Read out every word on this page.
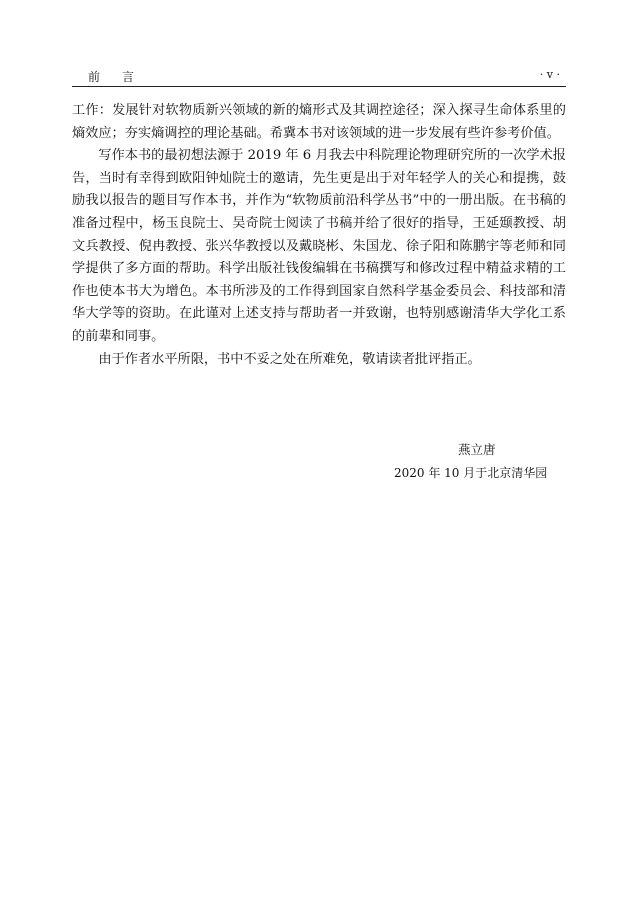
前言	· v ·

工作：发展针对软物质新兴领域的新的熵形式及其调控途径；深入探寻生命体系里的熵效应；夯实熵调控的理论基础。希冀本书对该领域的进一步发展有些许参考价值。

写作本书的最初想法源于 2019 年 6 月我去中科院理论物理研究所的一次学术报告，当时有幸得到欧阳钟灿院士的邀请，先生更是出于对年轻学人的关心和提携，鼓励我以报告的题目写作本书，并作为“软物质前沿科学丛书”中的一册出版。在书稿的准备过程中，杨玉良院士、吴奇院士阅读了书稿并给了很好的指导，王延颋教授、胡文兵教授、倪冉教授、张兴华教授以及戴晓彬、朱国龙、徐子阳和陈鹏宇等老师和同学提供了多方面的帮助。科学出版社钱俊编辑在书稿撰写和修改过程中精益求精的工作也使本书大为增色。本书所涉及的工作得到国家自然科学基金委员会、科技部和清华大学等的资助。在此谨对上述支持与帮助者一并致谢，也特别感谢清华大学化工系的前辈和同事。

由于作者水平所限，书中不妥之处在所难免，敬请读者批评指正。

燕立唐
2020 年 10 月于北京清华园
